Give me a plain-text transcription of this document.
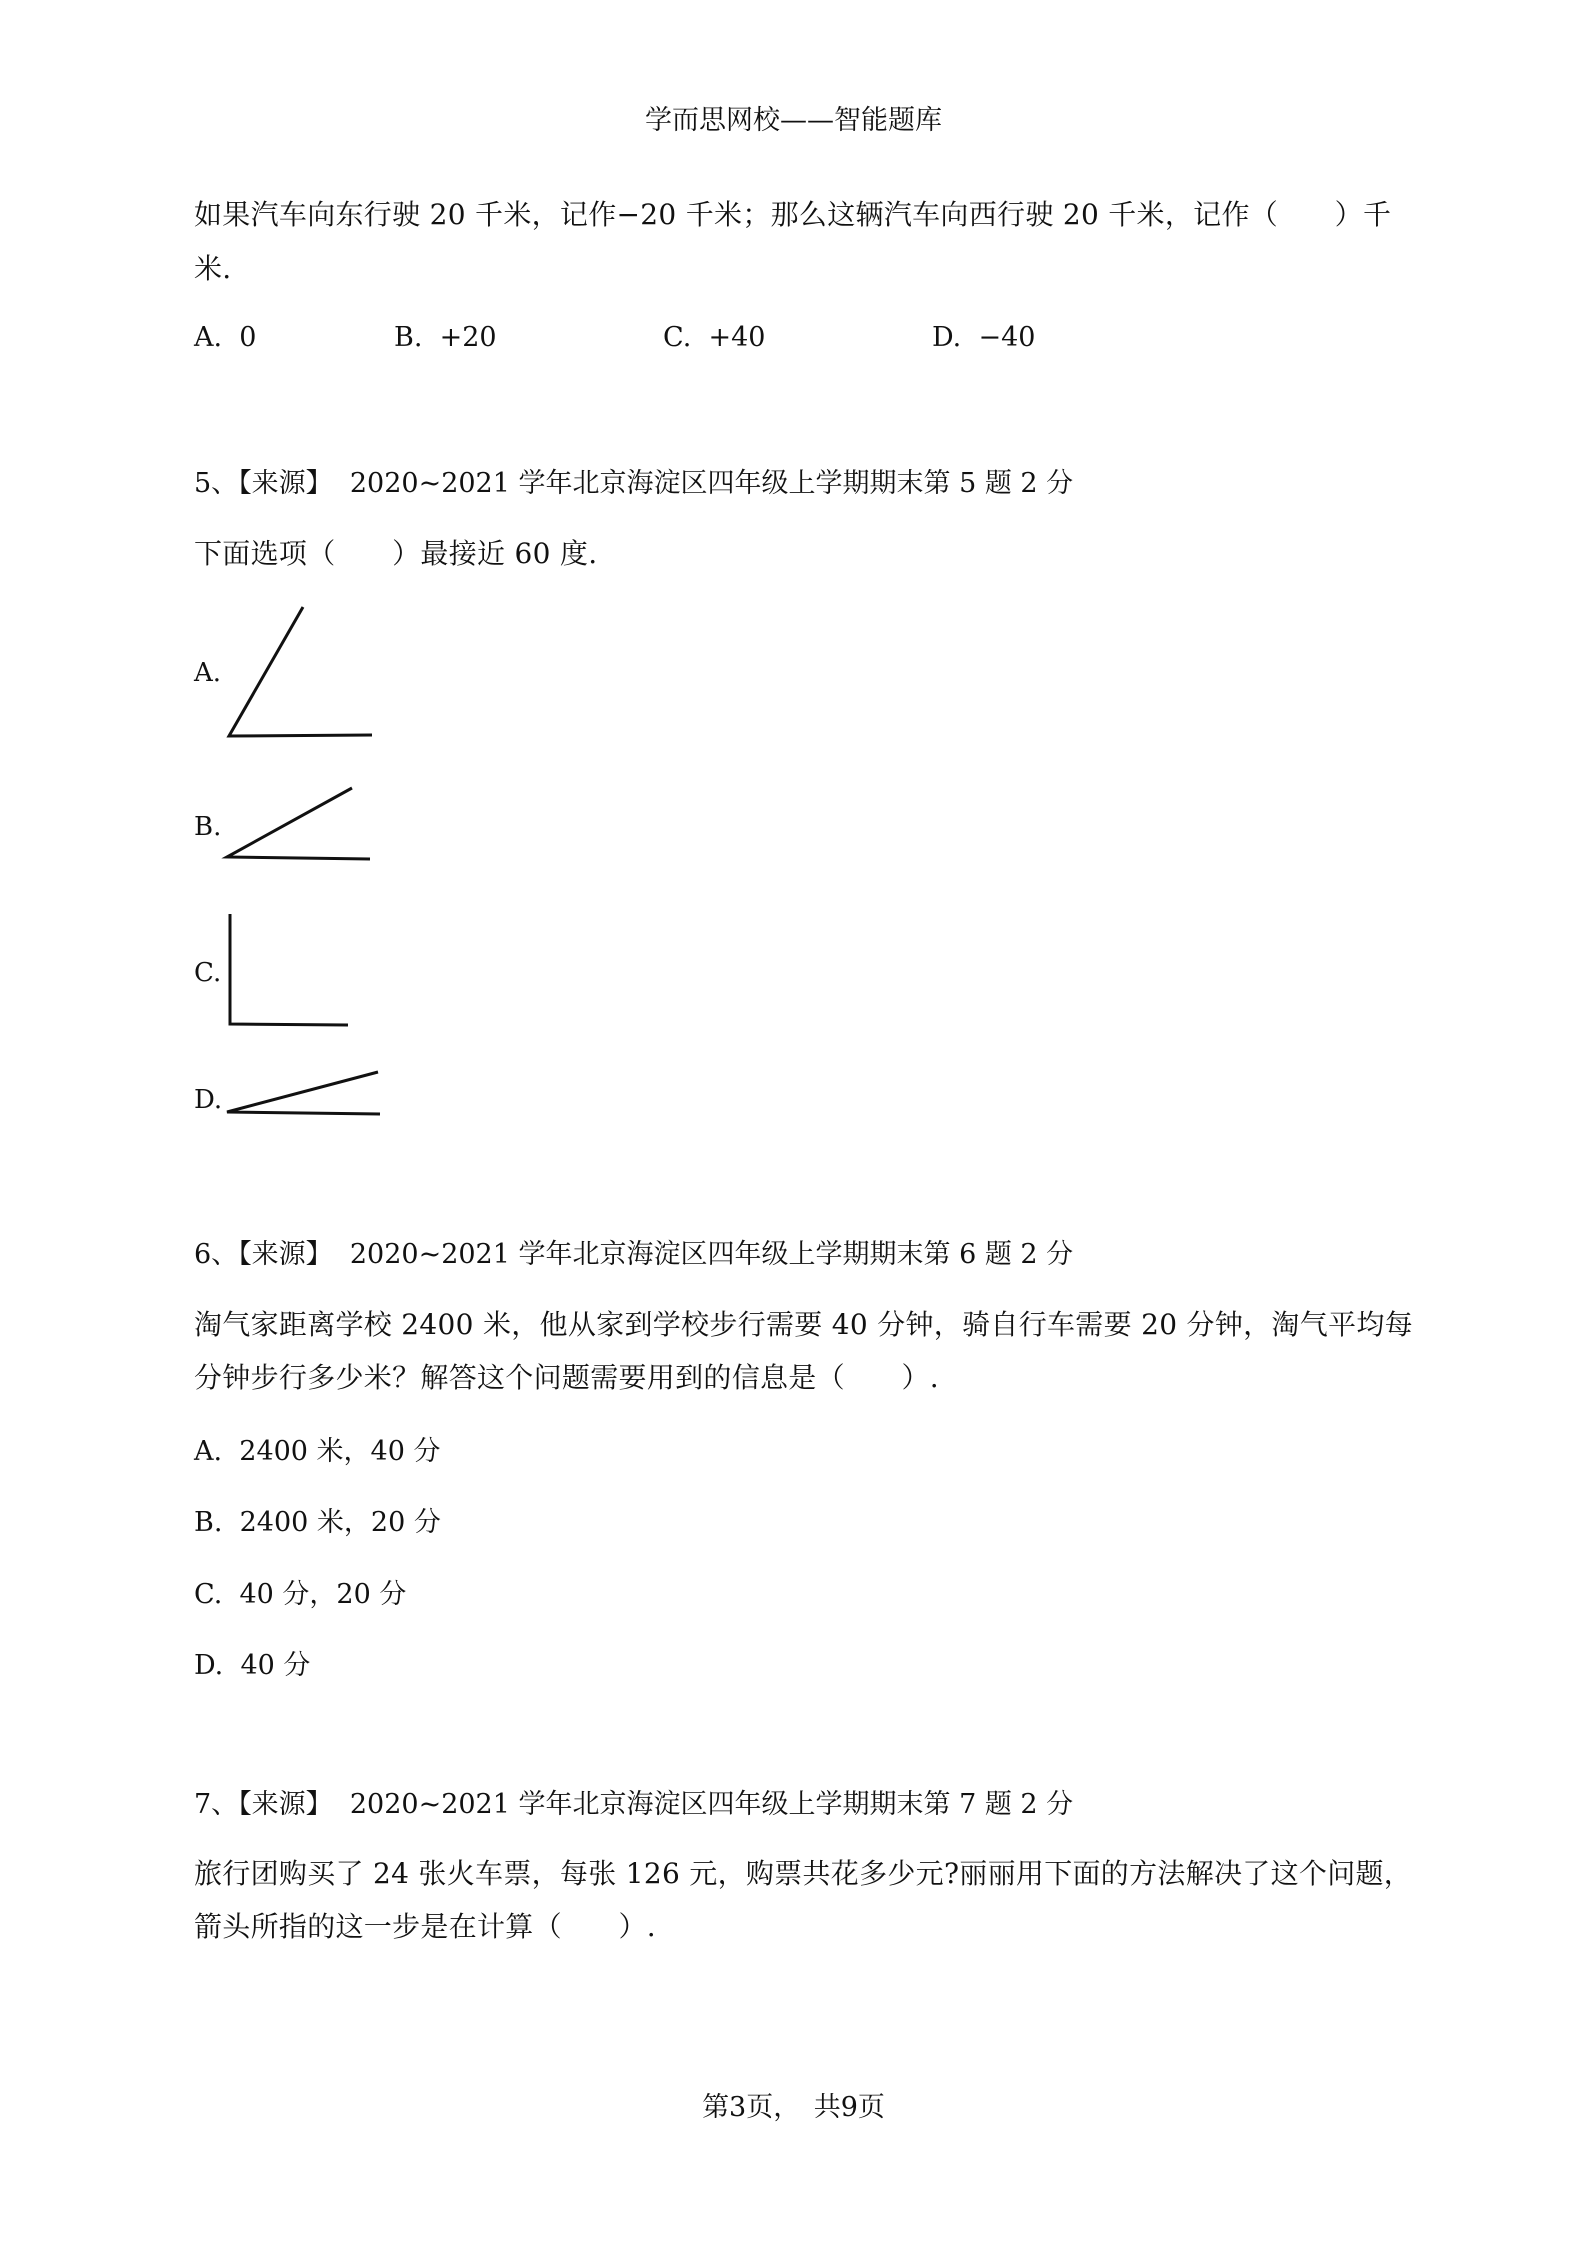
学而思网校——智能题库
如果汽车向东行驶 20 千米，记作−20 千米；那么这辆汽车向西行驶 20 千米，记作（　　）千
米.
A. 0	B. +20	C. +40	D. −40
5、【来源】 2020~2021 学年北京海淀区四年级上学期期末第 5 题 2 分
下面选项（　　）最接近 60 度.
A.
B.
C.
D.
6、【来源】 2020~2021 学年北京海淀区四年级上学期期末第 6 题 2 分
淘气家距离学校 2400 米，他从家到学校步行需要 40 分钟，骑自行车需要 20 分钟，淘气平均每
分钟步行多少米？解答这个问题需要用到的信息是（　　）.
A. 2400 米，40 分
B. 2400 米，20 分
C. 40 分，20 分
D. 40 分
7、【来源】 2020~2021 学年北京海淀区四年级上学期期末第 7 题 2 分
旅行团购买了 24 张火车票，每张 126 元，购票共花多少元?丽丽用下面的方法解决了这个问题，
箭头所指的这一步是在计算（　　）.
第3页，　共9页
